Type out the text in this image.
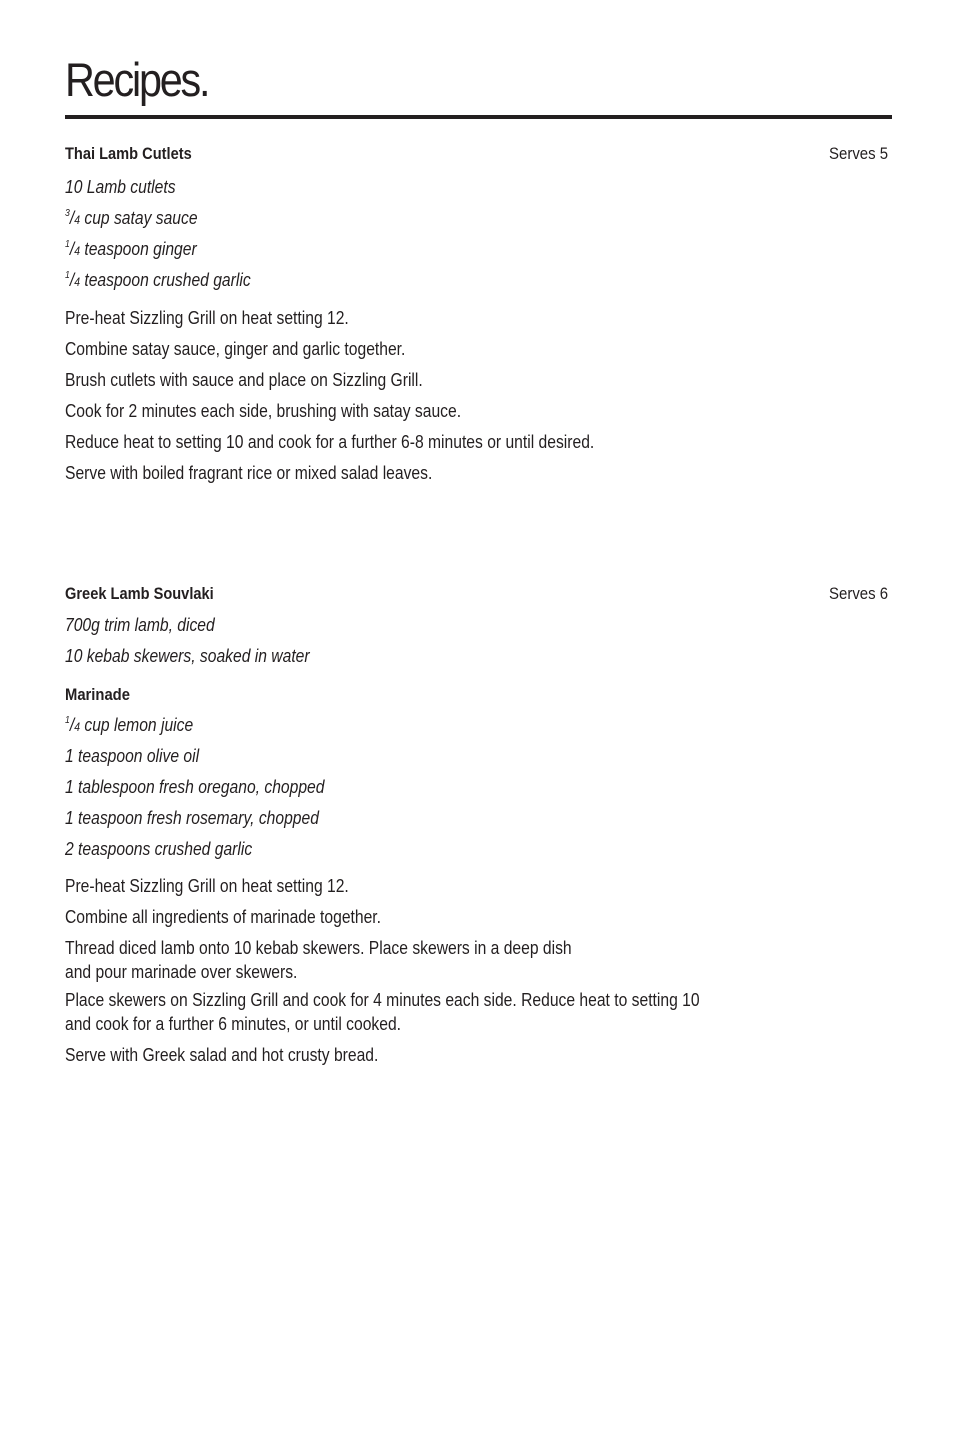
Recipes.
Thai Lamb Cutlets	Serves 5
10 Lamb cutlets
$^3$/4 cup satay sauce
$^1$/4 teaspoon ginger
$^1$/4 teaspoon crushed garlic
Pre-heat Sizzling Grill on heat setting 12.
Combine satay sauce, ginger and garlic together.
Brush cutlets with sauce and place on Sizzling Grill.
Cook for 2 minutes each side, brushing with satay sauce.
Reduce heat to setting 10 and cook for a further 6-8 minutes or until desired.
Serve with boiled fragrant rice or mixed salad leaves.
Greek Lamb Souvlaki	Serves 6
700g trim lamb, diced
10 kebab skewers, soaked in water
Marinade
$^1$/4 cup lemon juice
1 teaspoon olive oil
1 tablespoon fresh oregano, chopped
1 teaspoon fresh rosemary, chopped
2 teaspoons crushed garlic
Pre-heat Sizzling Grill on heat setting 12.
Combine all ingredients of marinade together.
Thread diced lamb onto 10 kebab skewers. Place skewers in a deep dish
and pour marinade over skewers.
Place skewers on Sizzling Grill and cook for 4 minutes each side. Reduce heat to setting 10
and cook for a further 6 minutes, or until cooked.
Serve with Greek salad and hot crusty bread.
